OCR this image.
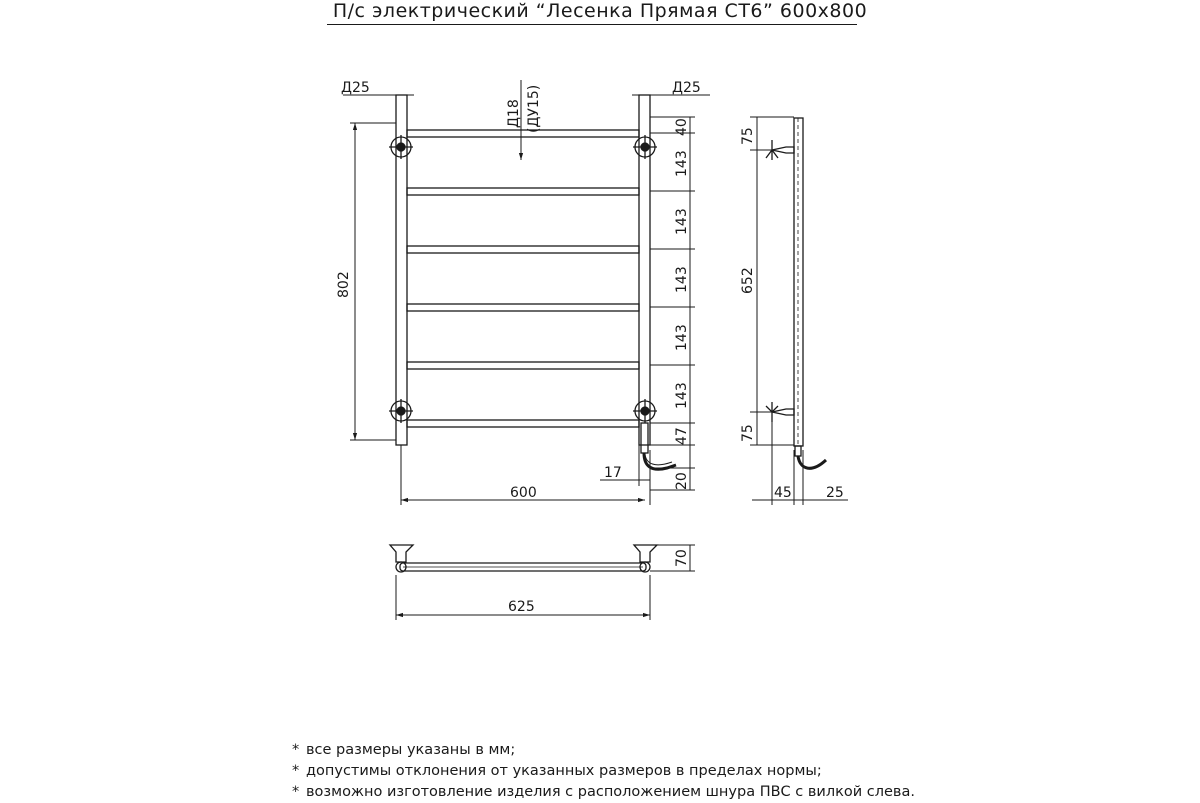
П/с электрический “Лесенка Прямая СТ6” 600x800
Д25	Д25
Д18 (ДУ15)
802
40
143
143
143
143
143
47
17	20
600
75
652
75
45 25
70
625
* все размеры указаны в мм;
* допустимы отклонения от указанных размеров в пределах нормы;
* возможно изготовление изделия с расположением шнура ПВС с вилкой слева.
